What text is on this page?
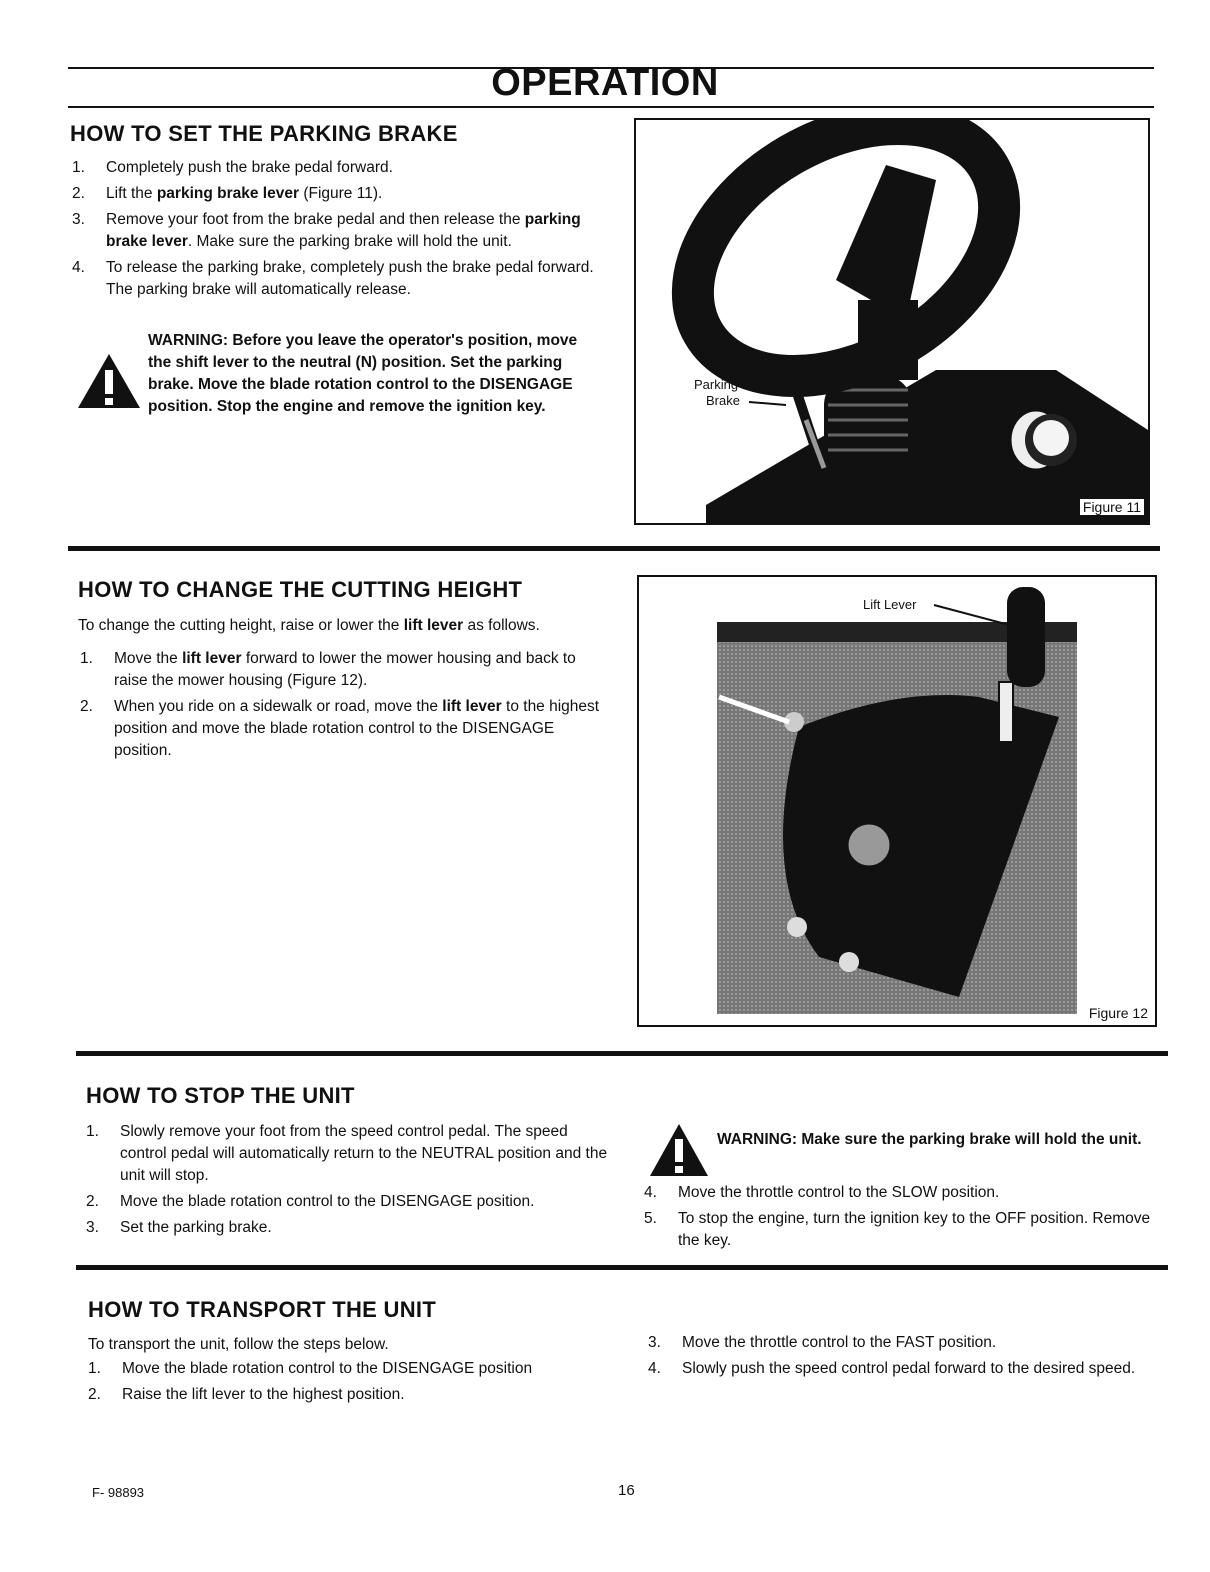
OPERATION
HOW TO SET THE PARKING BRAKE
1. Completely push the brake pedal forward.
2. Lift the parking brake lever (Figure 11).
3. Remove your foot from the brake pedal and then release the parking brake lever. Make sure the parking brake will hold the unit.
4. To release the parking brake, completely push the brake pedal forward. The parking brake will automatically release.
WARNING: Before you leave the operator's position, move the shift lever to the neutral (N) position. Set the parking brake. Move the blade rotation control to the DISENGAGE position. Stop the engine and remove the ignition key.
Parking
Brake
Figure 11
HOW TO CHANGE THE CUTTING HEIGHT
To change the cutting height, raise or lower the lift lever as follows.
1. Move the lift lever forward to lower the mower housing and back to raise the mower housing (Figure 12).
2. When you ride on a sidewalk or road, move the lift lever to the highest position and move the blade rotation control to the DISENGAGE position.
Lift Lever
Figure 12
HOW TO STOP THE UNIT
1. Slowly remove your foot from the speed control pedal. The speed control pedal will automatically return to the NEUTRAL position and the unit will stop.
2. Move the blade rotation control to the DISENGAGE position.
3. Set the parking brake.
WARNING: Make sure the parking brake will hold the unit.
4. Move the throttle control to the SLOW position.
5. To stop the engine, turn the ignition key to the OFF position. Remove the key.
HOW TO TRANSPORT THE UNIT
To transport the unit, follow the steps below.
1. Move the blade rotation control to the DISENGAGE position
2. Raise the lift lever to the highest position.
3. Move the throttle control to the FAST position.
4. Slowly push the speed control pedal forward to the desired speed.
F- 98893	16
